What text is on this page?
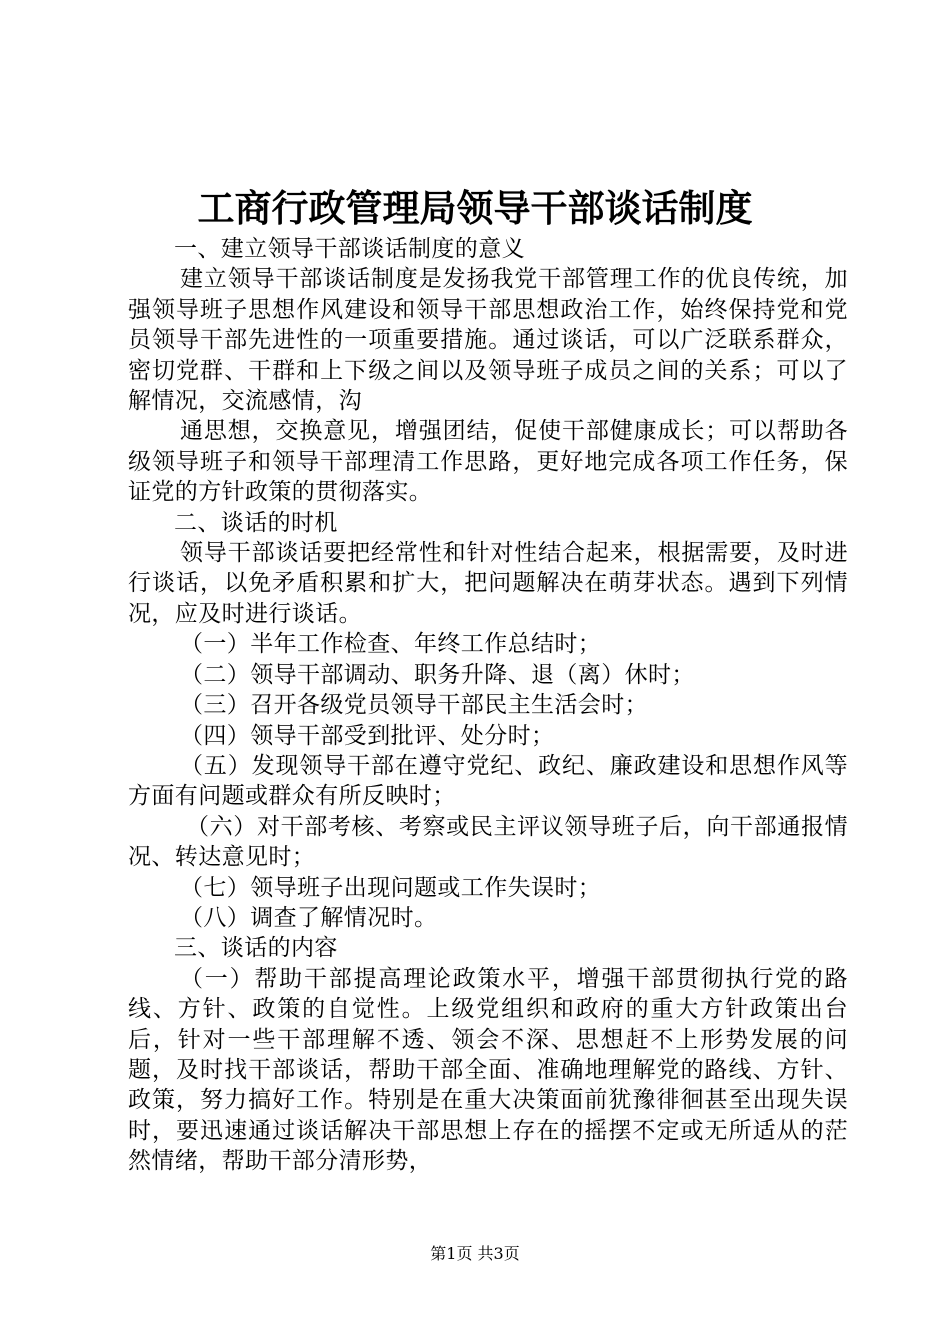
工商行政管理局领导干部谈话制度

一、建立领导干部谈话制度的意义

建立领导干部谈话制度是发扬我党干部管理工作的优良传统，加强领导班子思想作风建设和领导干部思想政治工作，始终保持党和党员领导干部先进性的一项重要措施。通过谈话，可以广泛联系群众，密切党群、干群和上下级之间以及领导班子成员之间的关系；可以了解情况，交流感情，沟

通思想，交换意见，增强团结，促使干部健康成长；可以帮助各级领导班子和领导干部理清工作思路，更好地完成各项工作任务，保证党的方针政策的贯彻落实。

二、谈话的时机

领导干部谈话要把经常性和针对性结合起来，根据需要，及时进行谈话，以免矛盾积累和扩大，把问题解决在萌芽状态。遇到下列情况，应及时进行谈话。

（一）半年工作检查、年终工作总结时；

（二）领导干部调动、职务升降、退（离）休时；

（三）召开各级党员领导干部民主生活会时；

（四）领导干部受到批评、处分时；

（五）发现领导干部在遵守党纪、政纪、廉政建设和思想作风等方面有问题或群众有所反映时；

（六）对干部考核、考察或民主评议领导班子后，向干部通报情况、转达意见时；

（七）领导班子出现问题或工作失误时；

（八）调查了解情况时。

三、谈话的内容

（一）帮助干部提高理论政策水平，增强干部贯彻执行党的路线、方针、政策的自觉性。上级党组织和政府的重大方针政策出台后，针对一些干部理解不透、领会不深、思想赶不上形势发展的问题，及时找干部谈话，帮助干部全面、准确地理解党的路线、方针、政策，努力搞好工作。特别是在重大决策面前犹豫徘徊甚至出现失误时，要迅速通过谈话解决干部思想上存在的摇摆不定或无所适从的茫然情绪，帮助干部分清形势，

第1页 共3页
